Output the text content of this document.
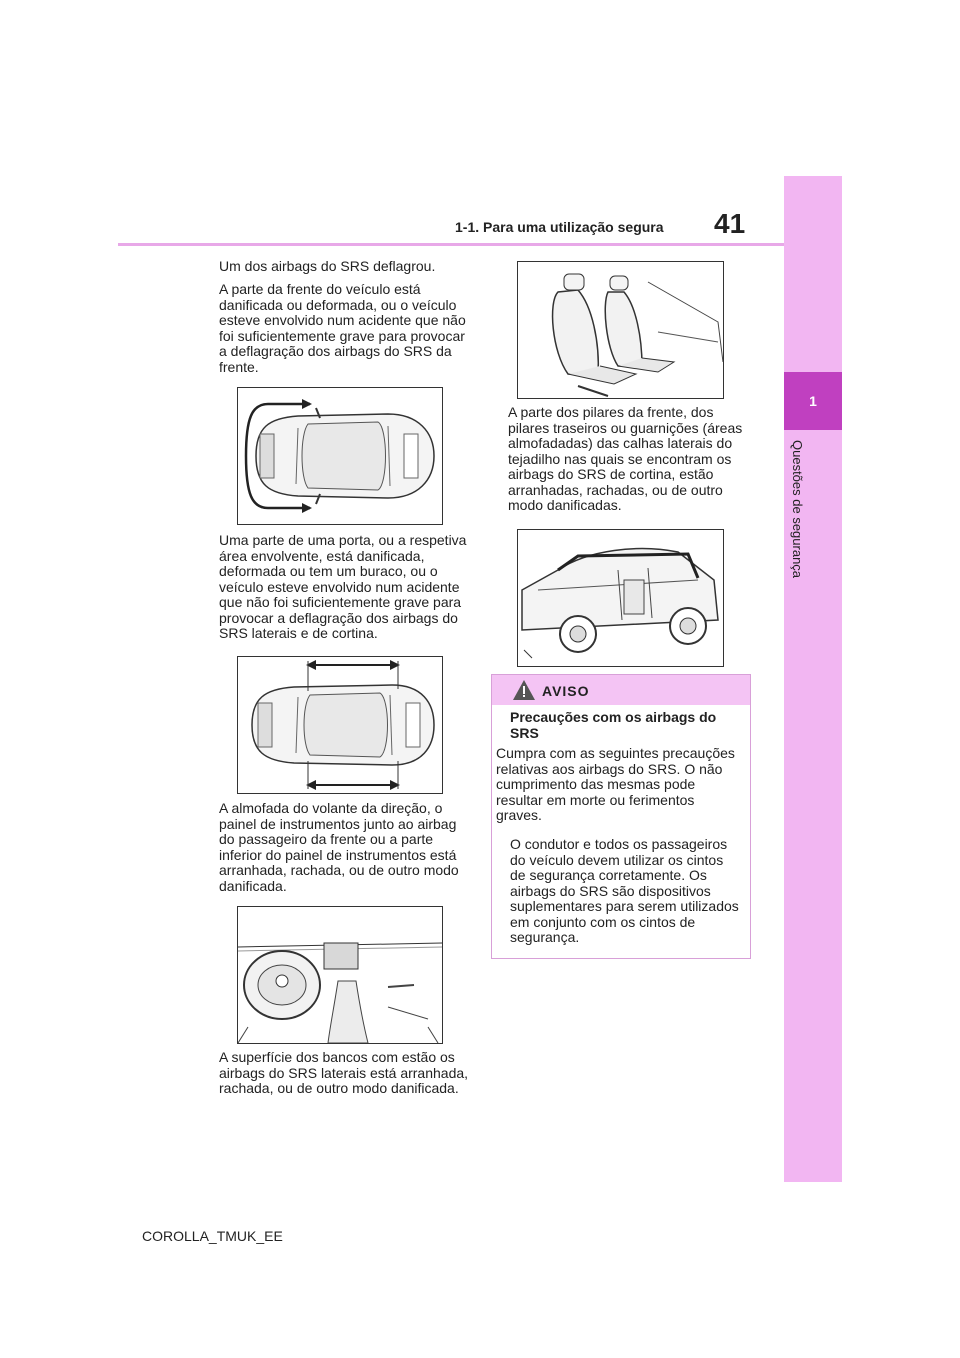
1
Questões de segurança
1-1. Para uma utilização segura 41
Um dos airbags do SRS deflagrou.
A parte da frente do veículo está danificada ou deformada, ou o veículo esteve envolvido num acidente que não foi suficientemente grave para provocar a deflagração dos airbags do SRS da frente.
Uma parte de uma porta, ou a respetiva área envolvente, está danificada, deformada ou tem um buraco, ou o veículo esteve envolvido num acidente que não foi suficientemente grave para provocar a deflagração dos airbags do SRS laterais e de cortina.
A almofada do volante da direção, o painel de instrumentos junto ao airbag do passageiro da frente ou a parte inferior do painel de instrumentos está arranhada, rachada, ou de outro modo danificada.
A superfície dos bancos com estão os airbags do SRS laterais está arranhada, rachada, ou de outro modo danificada.
A parte dos pilares da frente, dos pilares traseiros ou guarnições (áreas almofadadas) das calhas laterais do tejadilho nas quais se encontram os airbags do SRS de cortina, estão arranhadas, rachadas, ou de outro modo danificadas.
AVISO
Precauções com os airbags do SRS
Cumpra com as seguintes precauções relativas aos airbags do SRS. O não cumprimento das mesmas pode resultar em morte ou ferimentos graves.
O condutor e todos os passageiros do veículo devem utilizar os cintos de segurança corretamente. Os airbags do SRS são dispositivos suplementares para serem utilizados em conjunto com os cintos de segurança.
COROLLA_TMUK_EE
